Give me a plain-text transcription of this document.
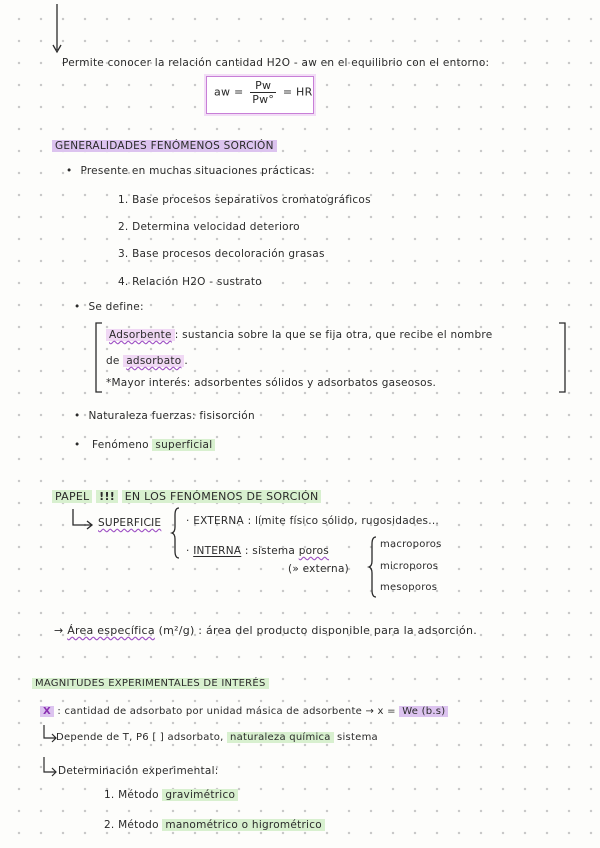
Permite conocer la relación cantidad H2O - aw en el equilibrio con el entorno:
aw = $\frac{Pw}{Pw^\circ}$ = HR
GENERALIDADES FENÓMENOS SORCIÓN
• Presente en muchas situaciones prácticas:
1. Base procesos separativos cromatográficos
2. Determina velocidad deterioro
3. Base procesos decoloración grasas
4. Relación H2O - sustrato
• Se define:
Adsorbente : sustancia sobre la que se fija otra, que recibe el nombre
de adsorbato .
*Mayor interés: adsorbentes sólidos y adsorbatos gaseosos.
• Naturaleza fuerzas: fisisorción
• Fenómeno superficial
PAPEL !!! EN LOS FENÓMENOS DE SORCIÓN
SUPERFICIE · EXTERNA : límite físico sólido, rugosidades...
· INTERNA : sistema poros
(» externa)
macroporos
microporos
mesoporos
→ Área específica (m²/g) : área del producto disponible para la adsorción.
MAGNITUDES EXPERIMENTALES DE INTERÉS
X : cantidad de adsorbato por unidad másica de adsorbente → x = We (b.s)
Depende de T, P6 [ ] adsorbato, naturaleza química sistema
Determinación experimental:
1. Método gravimétrico
2. Método manométrico o higrométrico
